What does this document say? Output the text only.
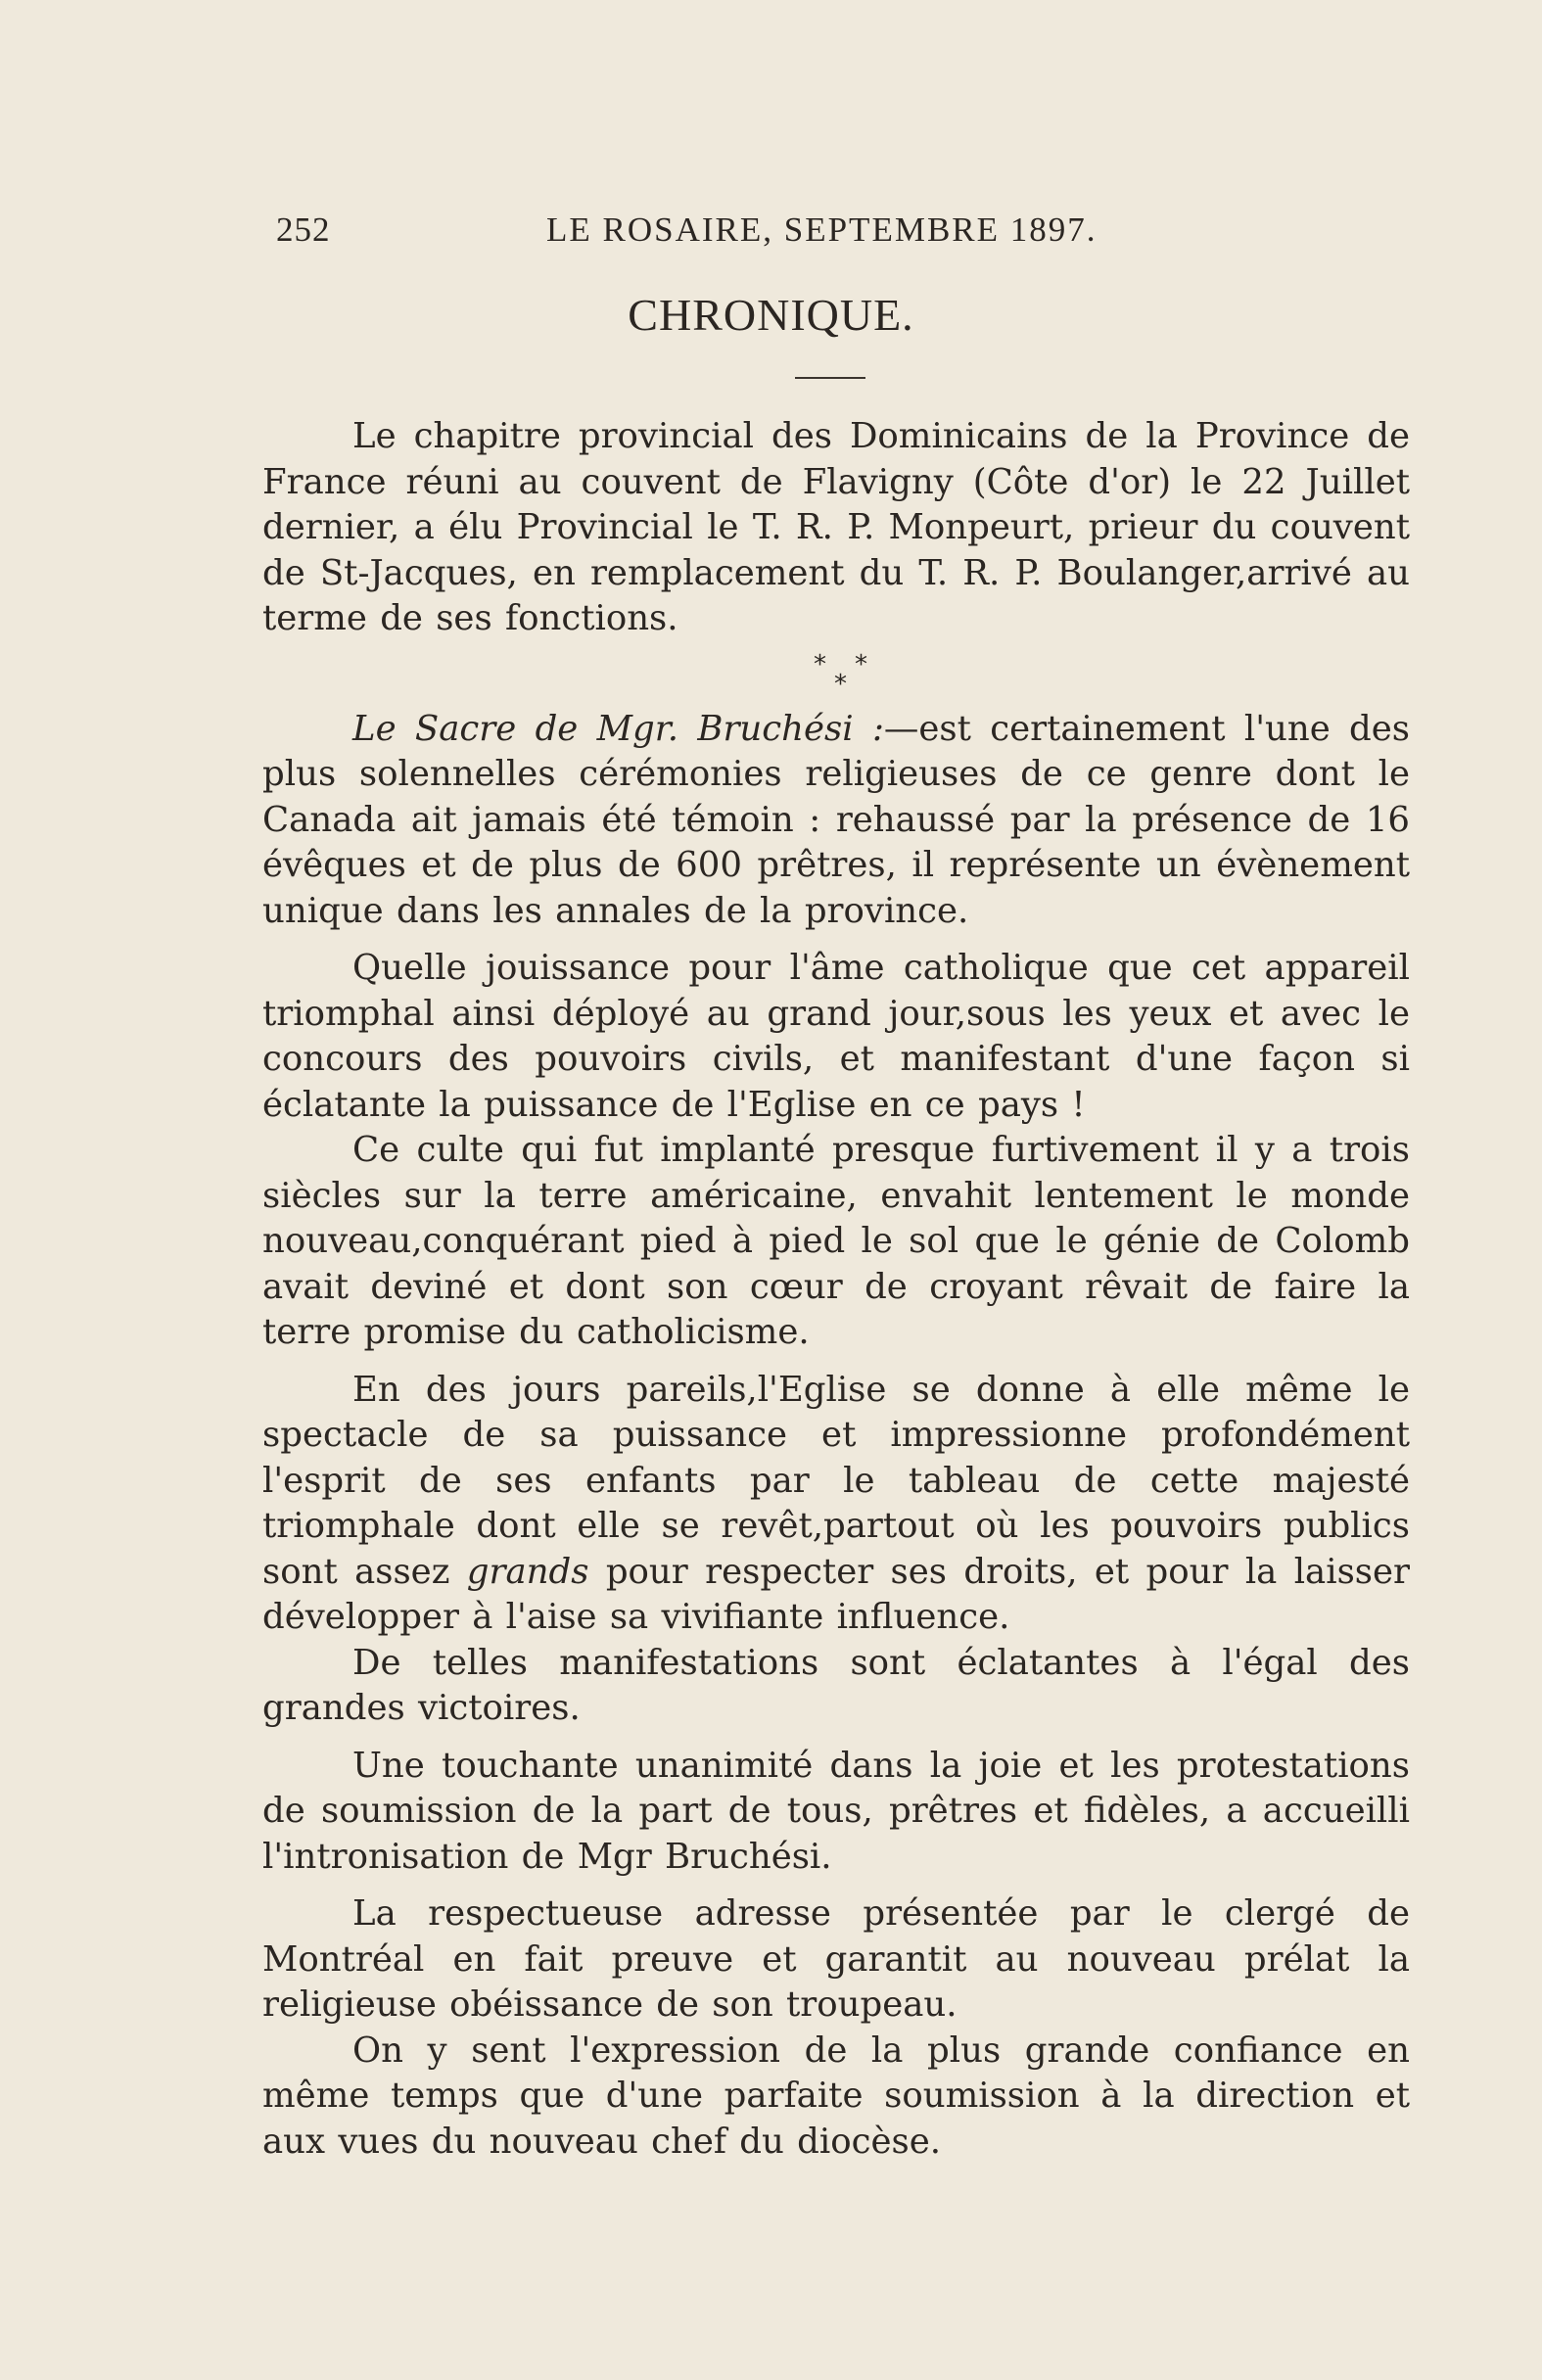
252	LE ROSAIRE, SEPTEMBRE 1897.
CHRONIQUE.

Le chapitre provincial des Dominicains de la Province de France réuni au couvent de Flavigny (Côte d'or) le 22 Juillet dernier, a élu Provincial le T. R. P. Monpeurt, prieur du couvent de St-Jacques, en remplacement du T. R. P. Boulanger,arrivé au terme de ses fonctions.

* *
*

Le Sacre de Mgr. Bruchési :—est certainement l'une des plus solennelles cérémonies religieuses de ce genre dont le Canada ait jamais été témoin : rehaussé par la présence de 16 évêques et de plus de 600 prêtres, il représente un évènement unique dans les annales de la province.

Quelle jouissance pour l'âme catholique que cet appareil triomphal ainsi déployé au grand jour,sous les yeux et avec le concours des pouvoirs civils, et manifestant d'une façon si éclatante la puissance de l'Eglise en ce pays !

Ce culte qui fut implanté presque furtivement il y a trois siècles sur la terre américaine, envahit lentement le monde nouveau,conquérant pied à pied le sol que le génie de Colomb avait deviné et dont son cœur de croyant rêvait de faire la terre promise du catholicisme.

En des jours pareils,l'Eglise se donne à elle même le spectacle de sa puissance et impressionne profondément l'esprit de ses enfants par le tableau de cette majesté triomphale dont elle se revêt,partout où les pouvoirs publics sont assez grands pour respecter ses droits, et pour la laisser développer à l'aise sa vivifiante influence.

De telles manifestations sont éclatantes à l'égal des grandes victoires.

Une touchante unanimité dans la joie et les protestations de soumission de la part de tous, prêtres et fidèles, a accueilli l'intronisation de Mgr Bruchési.

La respectueuse adresse présentée par le clergé de Montréal en fait preuve et garantit au nouveau prélat la religieuse obéissance de son troupeau.

On y sent l'expression de la plus grande confiance en même temps que d'une parfaite soumission à la direction et aux vues du nouveau chef du diocèse.
